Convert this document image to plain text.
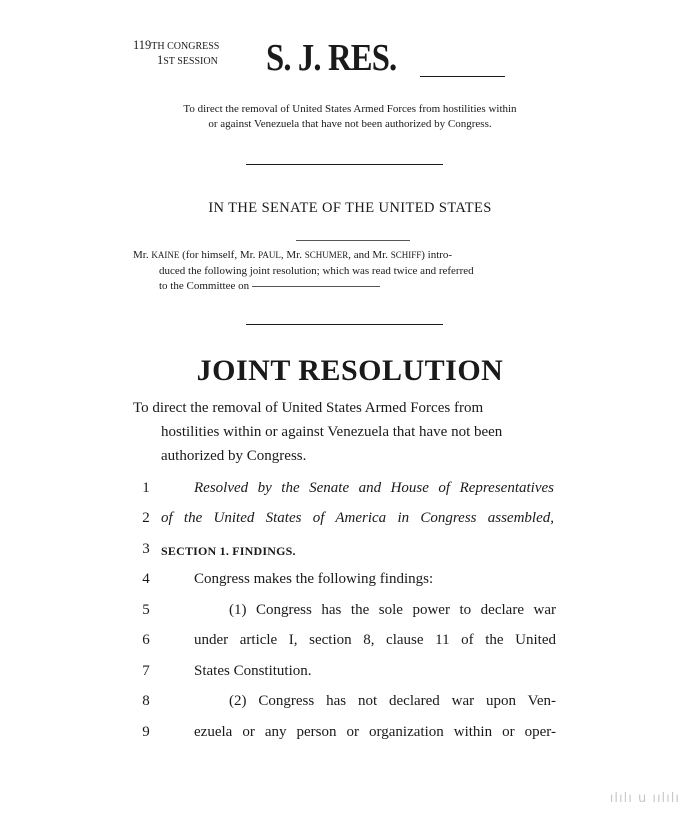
119TH CONGRESS
1ST SESSION S. J. RES.
To direct the removal of United States Armed Forces from hostilities within
or against Venezuela that have not been authorized by Congress.
IN THE SENATE OF THE UNITED STATES
Mr. KAINE (for himself, Mr. PAUL, Mr. SCHUMER, and Mr. SCHIFF) intro-
duced the following joint resolution; which was read twice and referred
to the Committee on
JOINT RESOLUTION
To direct the removal of United States Armed Forces from
hostilities within or against Venezuela that have not been
authorized by Congress.
1	Resolved by the Senate and House of Representatives
2 of the United States of America in Congress assembled,
3 SECTION 1. FINDINGS.
4	Congress makes the following findings:
5	(1) Congress has the sole power to declare war
6	under article I, section 8, clause 11 of the United
7	States Constitution.
8	(2) Congress has not declared war upon Ven-
9	ezuela or any person or organization within or oper-
ılılı u ıılılı
